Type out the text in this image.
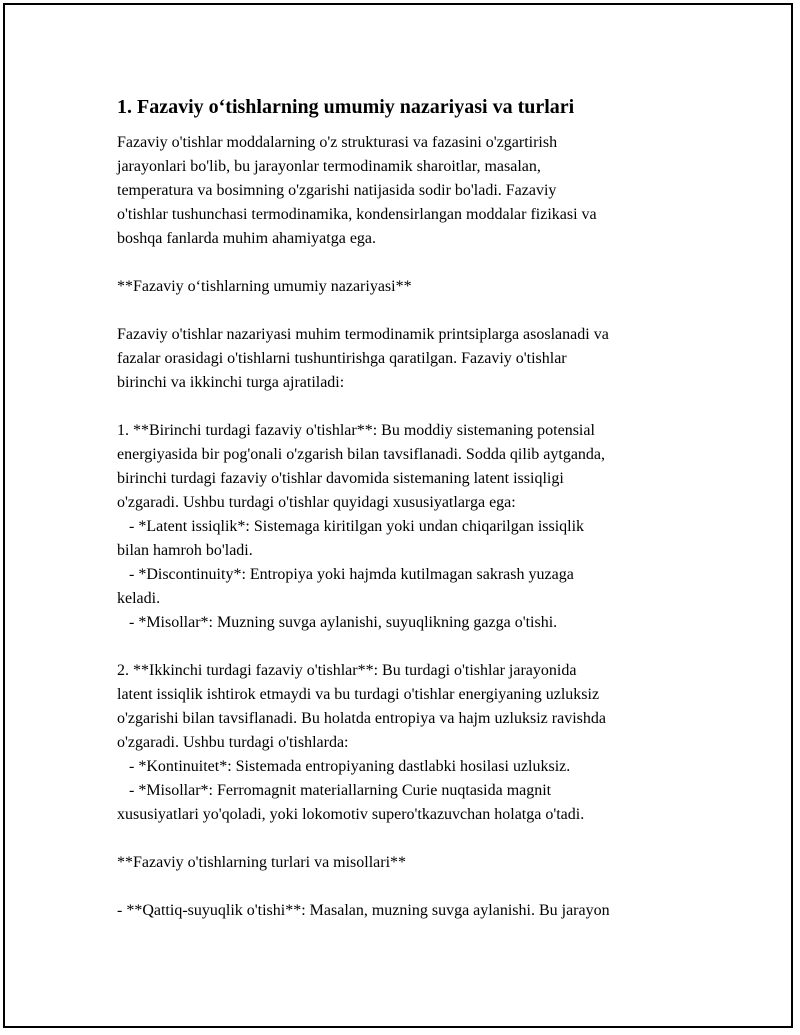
1. Fazaviy o‘tishlarning umumiy nazariyasi va turlari
Fazaviy o'tishlar moddalarning o'z strukturasi va fazasini o'zgartirish
jarayonlari bo'lib, bu jarayonlar termodinamik sharoitlar, masalan,
temperatura va bosimning o'zgarishi natijasida sodir bo'ladi. Fazaviy
o'tishlar tushunchasi termodinamika, kondensirlangan moddalar fizikasi va
boshqa fanlarda muhim ahamiyatga ega.
**Fazaviy o‘tishlarning umumiy nazariyasi**
Fazaviy o'tishlar nazariyasi muhim termodinamik printsiplarga asoslanadi va
fazalar orasidagi o'tishlarni tushuntirishga qaratilgan. Fazaviy o'tishlar
birinchi va ikkinchi turga ajratiladi:
1. **Birinchi turdagi fazaviy o'tishlar**: Bu moddiy sistemaning potensial
energiyasida bir pog'onali o'zgarish bilan tavsiflanadi. Sodda qilib aytganda,
birinchi turdagi fazaviy o'tishlar davomida sistemaning latent issiqligi
o'zgaradi. Ushbu turdagi o'tishlar quyidagi xususiyatlarga ega:
- *Latent issiqlik*: Sistemaga kiritilgan yoki undan chiqarilgan issiqlik
bilan hamroh bo'ladi.
- *Discontinuity*: Entropiya yoki hajmda kutilmagan sakrash yuzaga
keladi.
- *Misollar*: Muzning suvga aylanishi, suyuqlikning gazga o'tishi.
2. **Ikkinchi turdagi fazaviy o'tishlar**: Bu turdagi o'tishlar jarayonida
latent issiqlik ishtirok etmaydi va bu turdagi o'tishlar energiyaning uzluksiz
o'zgarishi bilan tavsiflanadi. Bu holatda entropiya va hajm uzluksiz ravishda
o'zgaradi. Ushbu turdagi o'tishlarda:
- *Kontinuitet*: Sistemada entropiyaning dastlabki hosilasi uzluksiz.
- *Misollar*: Ferromagnit materiallarning Curie nuqtasida magnit
xususiyatlari yo'qoladi, yoki lokomotiv supero'tkazuvchan holatga o'tadi.
**Fazaviy o'tishlarning turlari va misollari**
- **Qattiq-suyuqlik o'tishi**: Masalan, muzning suvga aylanishi. Bu jarayon
